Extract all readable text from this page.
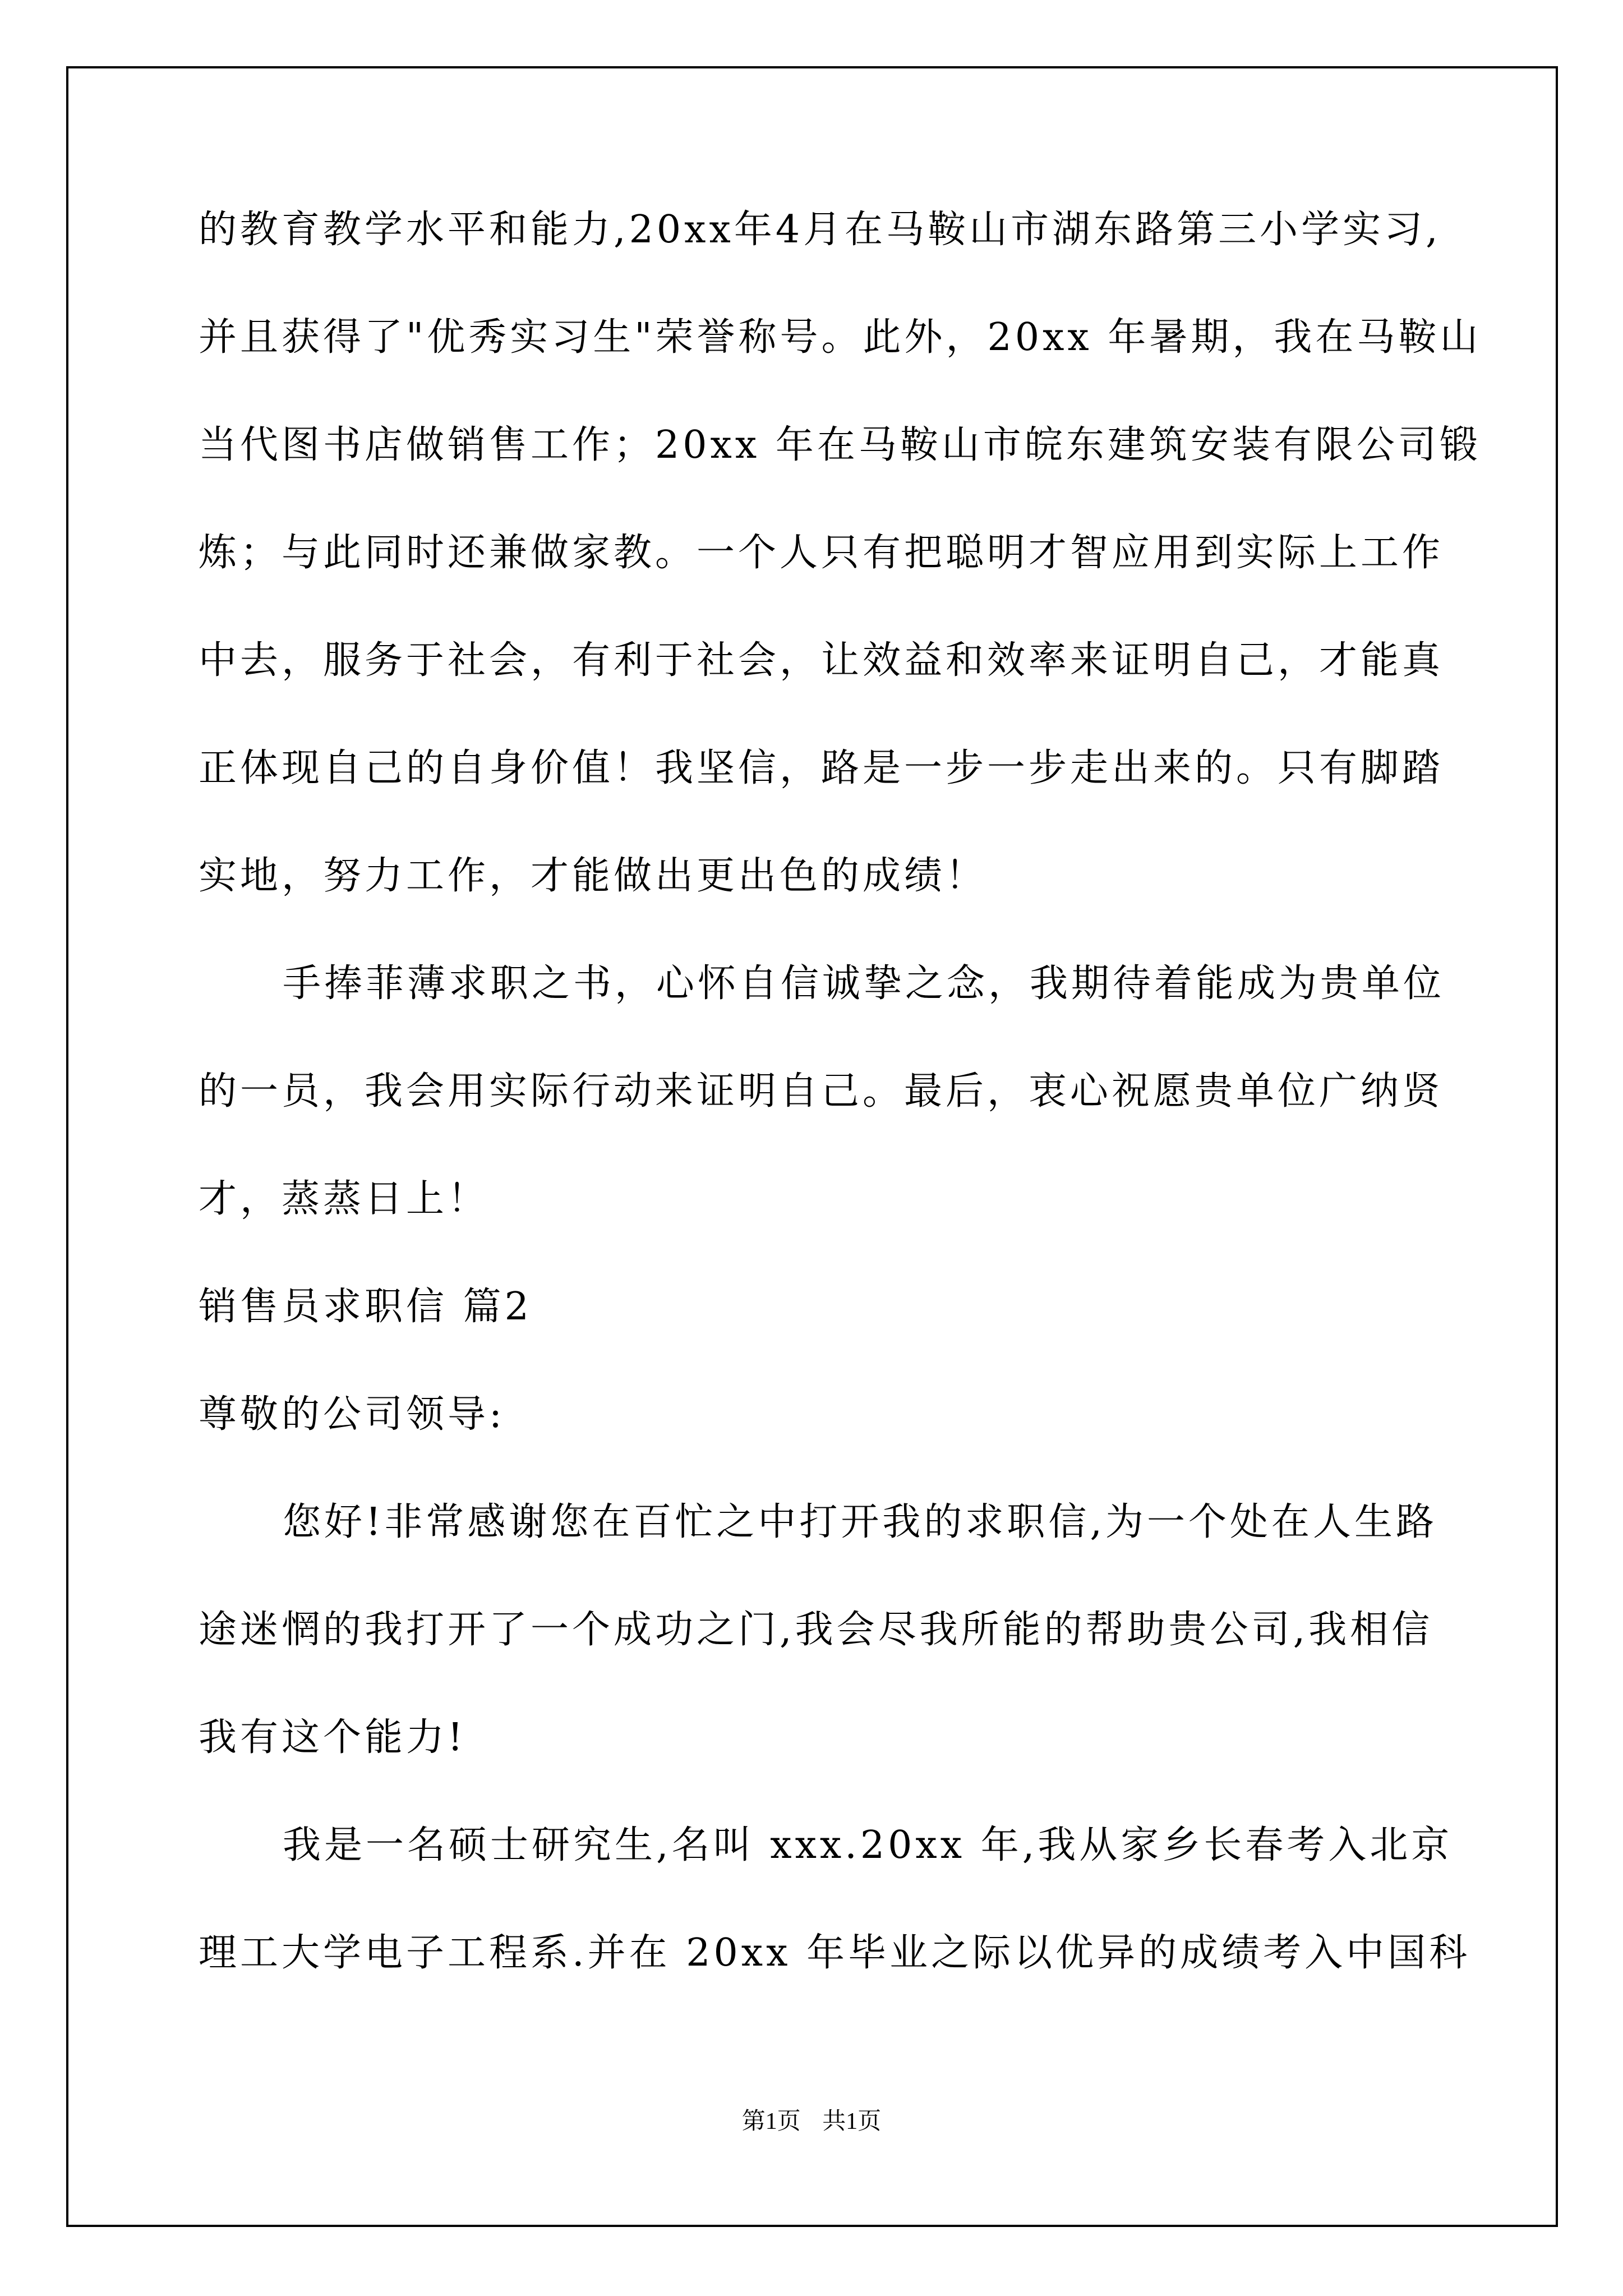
的教育教学水平和能力,20xx年4月在马鞍山市湖东路第三小学实习,
并且获得了"优秀实习生"荣誉称号。此外，20xx 年暑期，我在马鞍山
当代图书店做销售工作；20xx 年在马鞍山市皖东建筑安装有限公司锻
炼；与此同时还兼做家教。一个人只有把聪明才智应用到实际上工作
中去，服务于社会，有利于社会，让效益和效率来证明自己，才能真
正体现自己的自身价值！我坚信，路是一步一步走出来的。只有脚踏
实地，努力工作，才能做出更出色的成绩！
手捧菲薄求职之书，心怀自信诚挚之念，我期待着能成为贵单位
的一员，我会用实际行动来证明自己。最后，衷心祝愿贵单位广纳贤
才，蒸蒸日上！
销售员求职信 篇2
尊敬的公司领导:
您好!非常感谢您在百忙之中打开我的求职信,为一个处在人生路
途迷惘的我打开了一个成功之门,我会尽我所能的帮助贵公司,我相信
我有这个能力!
我是一名硕士研究生,名叫 xxx.20xx 年,我从家乡长春考入北京
理工大学电子工程系.并在 20xx 年毕业之际以优异的成绩考入中国科
第1页 共1页
